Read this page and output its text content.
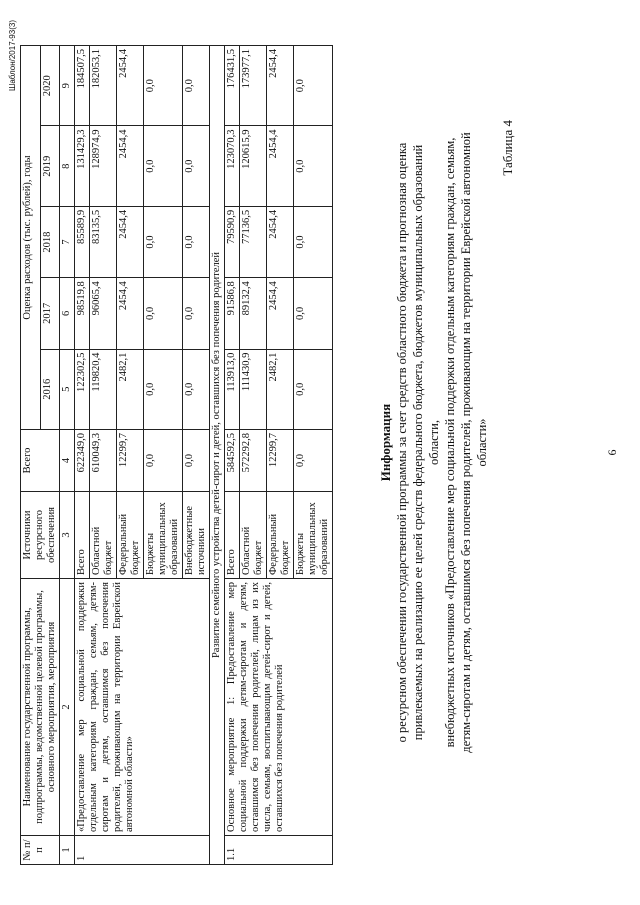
Шаблон/2017-93(3)
№ п/п	Наименование государственной программы, подпрограммы, ведомственной целевой программы, основного мероприятия, мероприятия	Источники ресурсного обеспечения	Всего	Оценка расходов (тыс. рублей), годы				
				2016	2017	2018	2019	2020
1	2	3	4	5	6	7	8	9
1	«Предоставление мер социальной поддержки отдельным категориям граждан, семьям, детям-сиротам и детям, оставшимся без попечения родителей, проживающим на территории Еврейской автономной области»	Всего	622349,0	122302,5	98519,8	85589,9	131429,3	184507,5
		Областной бюджет	610049,3	119820,4	96065,4	83135,5	128974,9	182053,1
		Федеральный бюджет	12299,7	2482,1	2454,4	2454,4	2454,4	2454,4
		Бюджеты муниципальных образований	0,0	0,0	0,0	0,0	0,0	0,0
		Внебюджетные источники	0,0	0,0	0,0	0,0	0,0	0,0
Развитие семейного устройства детей-сирот и детей, оставшихся без попечения родителей								
1.1	Основное мероприятие 1: Предоставление мер социальной поддержки детям-сиротам и детям, оставшимся без попечения родителей, лицам из их числа, семьям, воспитывающим детей-сирот и детей, оставшихся без попечения родителей	Всего	584592,5	113913,0	91586,8	79590,9	123070,3	176431,5
		Областной бюджет	572292,8	111430,9	89132,4	77136,5	120615,9	173977,1
		Федеральный бюджет	12299,7	2482,1	2454,4	2454,4	2454,4	2454,4
		Бюджеты муниципальных образований	0,0	0,0	0,0	0,0	0,0	0,0
Информация о ресурсном обеспечении государственной программы за счет средств областного бюджета и прогнозная оценка привлекаемых на реализацию ее целей средств федерального бюджета, бюджетов муниципальных образований области, внебюджетных источников «Предоставление мер социальной поддержки отдельным категориям граждан, семьям, детям-сиротам и детям, оставшимся без попечения родителей, проживающим на территории Еврейской автономной области»
Таблица 4
6
